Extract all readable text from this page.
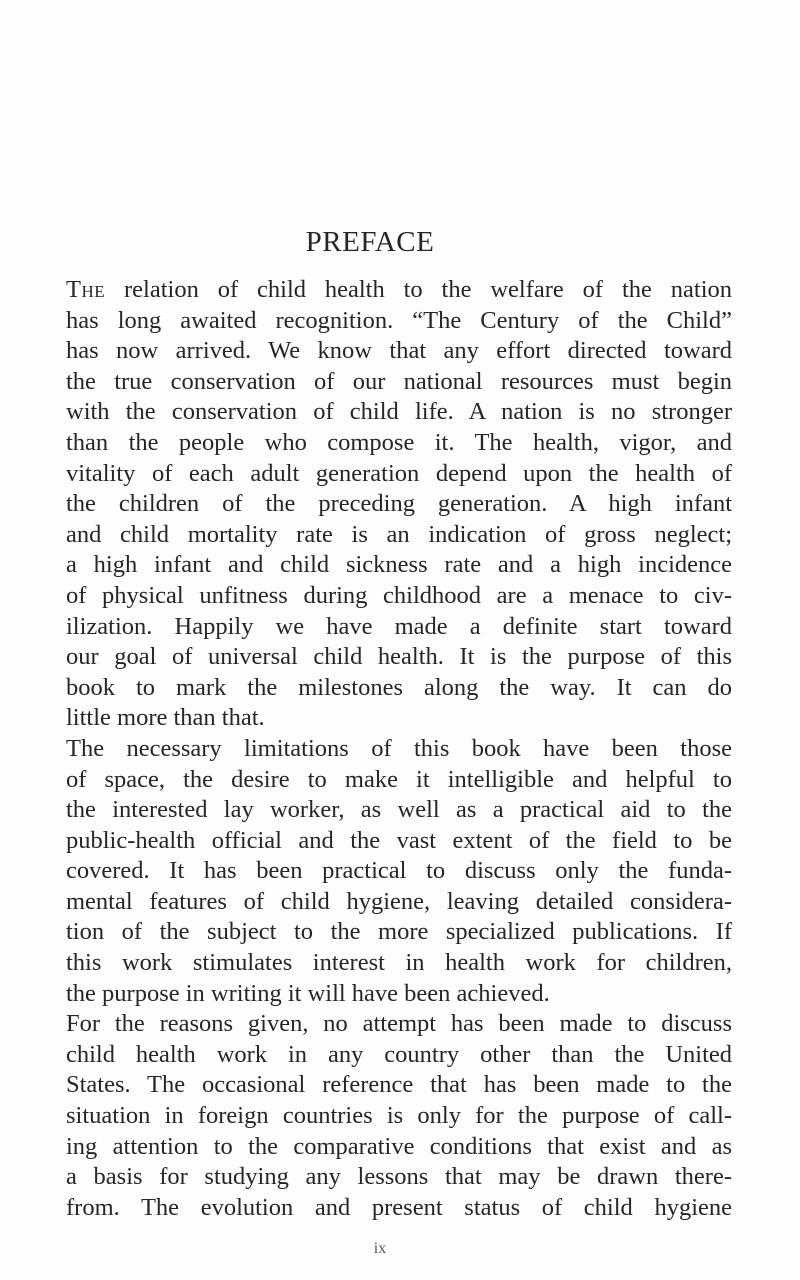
PREFACE
The relation of child health to the welfare of the nation
has long awaited recognition. “The Century of the Child”
has now arrived. We know that any effort directed toward
the true conservation of our national resources must begin
with the conservation of child life. A nation is no stronger
than the people who compose it. The health, vigor, and
vitality of each adult generation depend upon the health of
the children of the preceding generation. A high infant
and child mortality rate is an indication of gross neglect;
a high infant and child sickness rate and a high incidence
of physical unfitness during childhood are a menace to civ-
ilization. Happily we have made a definite start toward
our goal of universal child health. It is the purpose of this
book to mark the milestones along the way. It can do
little more than that.
The necessary limitations of this book have been those
of space, the desire to make it intelligible and helpful to
the interested lay worker, as well as a practical aid to the
public-health official and the vast extent of the field to be
covered. It has been practical to discuss only the funda-
mental features of child hygiene, leaving detailed considera-
tion of the subject to the more specialized publications. If
this work stimulates interest in health work for children,
the purpose in writing it will have been achieved.
For the reasons given, no attempt has been made to discuss
child health work in any country other than the United
States. The occasional reference that has been made to the
situation in foreign countries is only for the purpose of call-
ing attention to the comparative conditions that exist and as
a basis for studying any lessons that may be drawn there-
from. The evolution and present status of child hygiene
ix
